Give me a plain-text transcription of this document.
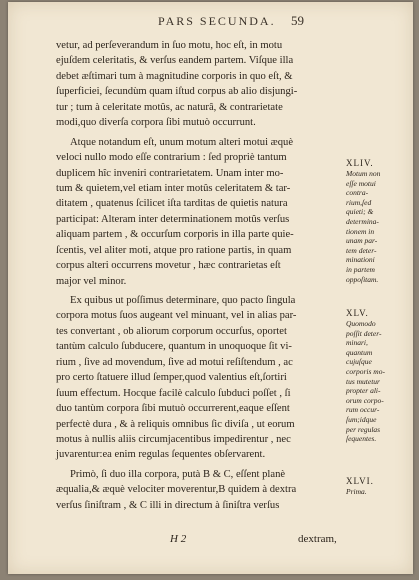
PARS SECUNDA. 59
vetur, ad perſeverandum in ſuo motu, hoc eſt, in motu
ejuſdem celeritatis, & verſus eandem partem. Viſque illa
debet æſtimari tum à magnitudine corporis in quo eſt, &
ſuperficiei, ſecundùm quam iſtud corpus ab alio disjungi-
tur ; tum à celeritate motûs, ac naturâ, & contrarietate
modi,quo diverſa corpora ſibi mutuò occurrunt.
Atque notandum eſt, unum motum alteri motui æquè
veloci nullo modo eſſe contrarium : ſed propriè tantum
duplicem hîc inveniri contrarietatem. Unam inter mo-
tum & quietem,vel etiam inter motûs celeritatem & tar-
ditatem , quatenus ſcilicet iſta tarditas de quietis natura
participat: Alteram inter determinationem motûs verſus
aliquam partem , & occurſum corporis in illa parte quie-
ſcentis, vel aliter moti, atque pro ratione partis, in quam
corpus alteri occurrens movetur , hæc contrarietas eſt
major vel minor.
Ex quibus ut poſſimus determinare, quo pacto ſingula
corpora motus ſuos augeant vel minuant, vel in alias par-
tes convertant , ob aliorum corporum occurſus, oportet
tantùm calculo ſubducere, quantum in unoquoque ſit vi-
rium , ſive ad movendum, ſive ad motui reſiſtendum , ac
pro certo ſtatuere illud ſemper,quod valentius eſt,ſortiri
ſuum effectum. Hocque facilè calculo ſubduci poſſet , ſi
duo tantùm corpora ſibi mutuò occurrerent,eaque eſſent
perfectè dura , & à reliquis omnibus ſic diviſa , ut eorum
motus à nullis aliis circumjacentibus impedirentur , nec
juvarentur:ea enim regulas ſequentes obſervarent.
Primò, ſi duo illa corpora, putà B & C, eſſent planè
æqualia,& æquè velociter moverentur,B quidem à dextra
verſus ſiniſtram , & C illi in directum à ſiniſtra verſus
XLIV.
Motum non
eſſe motui
contra-
rium,ſed
quieti; &
determina-
tionem in
unam par-
tem deter-
minationi
in partem
oppoſitam.
XLV.
Quomodo
poſſit deter-
minari,
quantum
cujuſque
corporis mo-
tus mutetur
propter ali-
orum corpo-
rum occur-
ſum;idque
per regulas
ſequentes.
XLVI.
Prima.
H 2	dextram,
